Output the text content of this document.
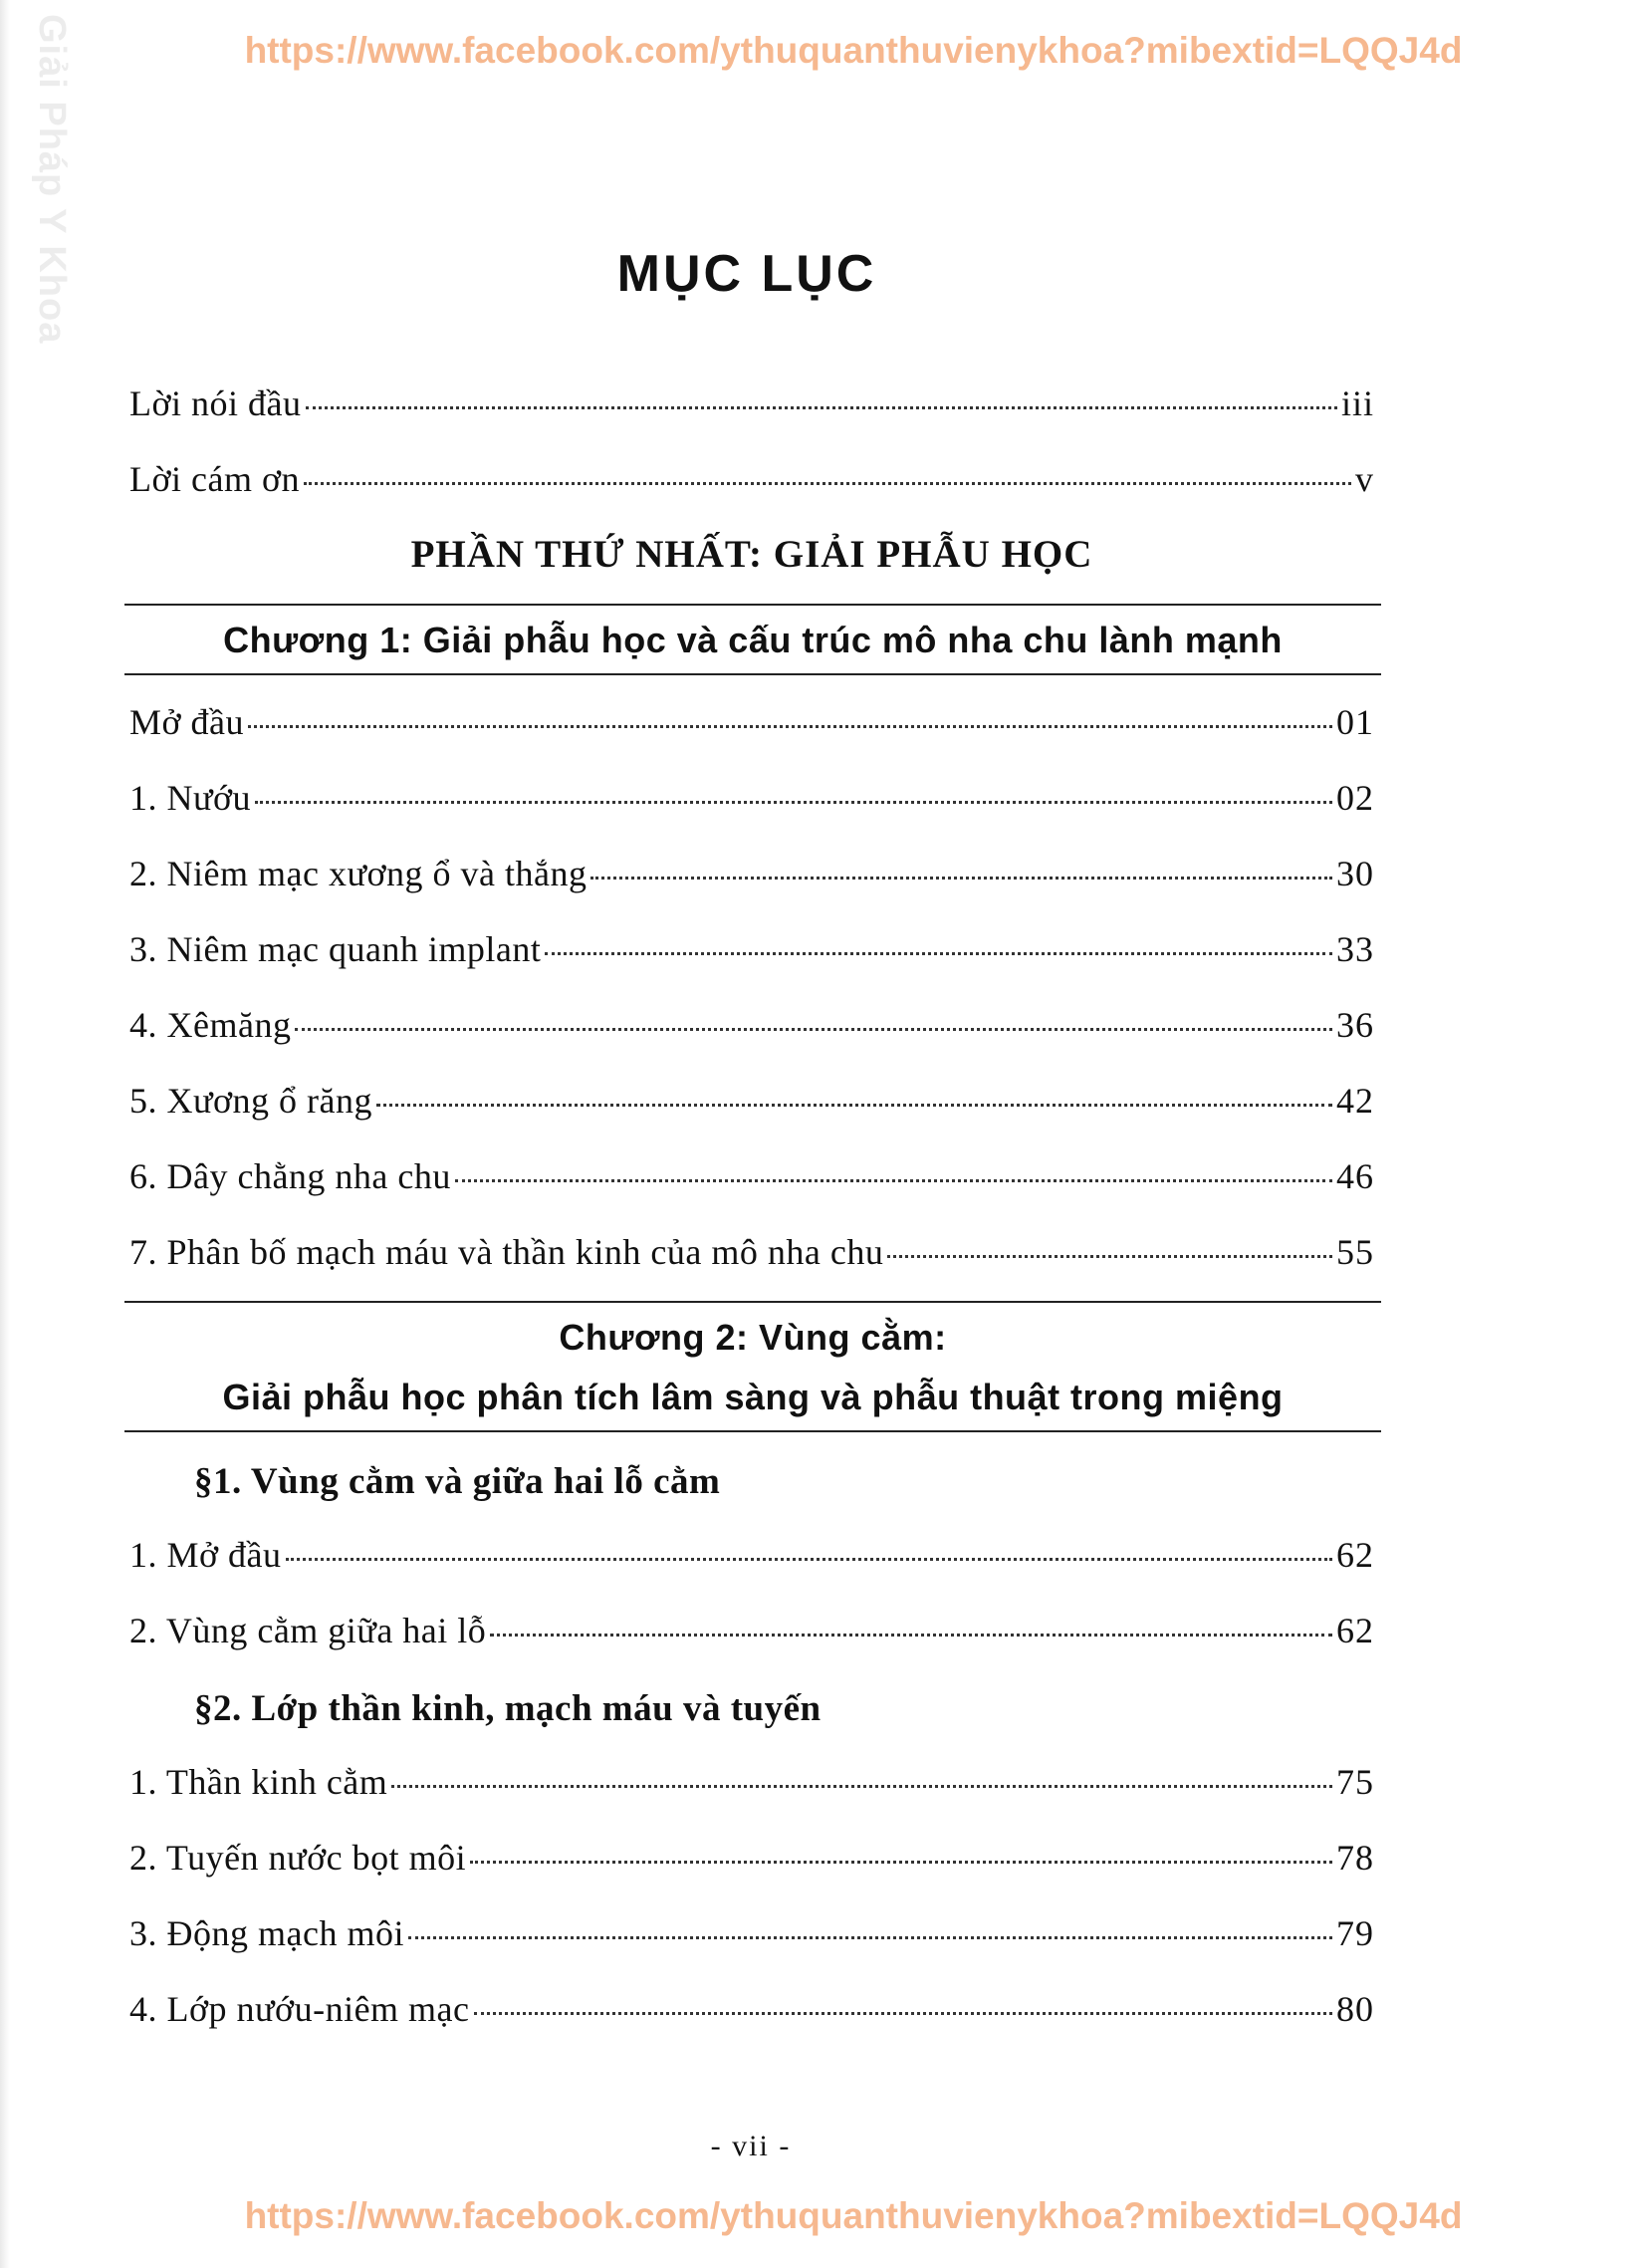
Giải Pháp Y Khoa	https://www.facebook.com/ythuquanthuvienykhoa?mibextid=LQQJ4d
MỤC LỤC
Lời nói đầu	iii
Lời cám ơn	v
PHẦN THỨ NHẤT: GIẢI PHẪU HỌC
Chương 1: Giải phẫu học và cấu trúc mô nha chu lành mạnh
Mở đầu	01
1. Nướu	02
2. Niêm mạc xương ổ và thắng	30
3. Niêm mạc quanh implant	33
4. Xêmăng	36
5. Xương ổ răng	42
6. Dây chằng nha chu	46
7. Phân bố mạch máu và thần kinh của mô nha chu	55
Chương 2: Vùng cằm:
Giải phẫu học phân tích lâm sàng và phẫu thuật trong miệng
§1. Vùng cằm và giữa hai lỗ cằm
1. Mở đầu	62
2. Vùng cằm giữa hai lỗ	62
§2. Lớp thần kinh, mạch máu và tuyến
1. Thần kinh cằm	75
2. Tuyến nước bọt môi	78
3. Động mạch môi	79
4. Lớp nướu-niêm mạc	80
- vii -
https://www.facebook.com/ythuquanthuvienykhoa?mibextid=LQQJ4d
